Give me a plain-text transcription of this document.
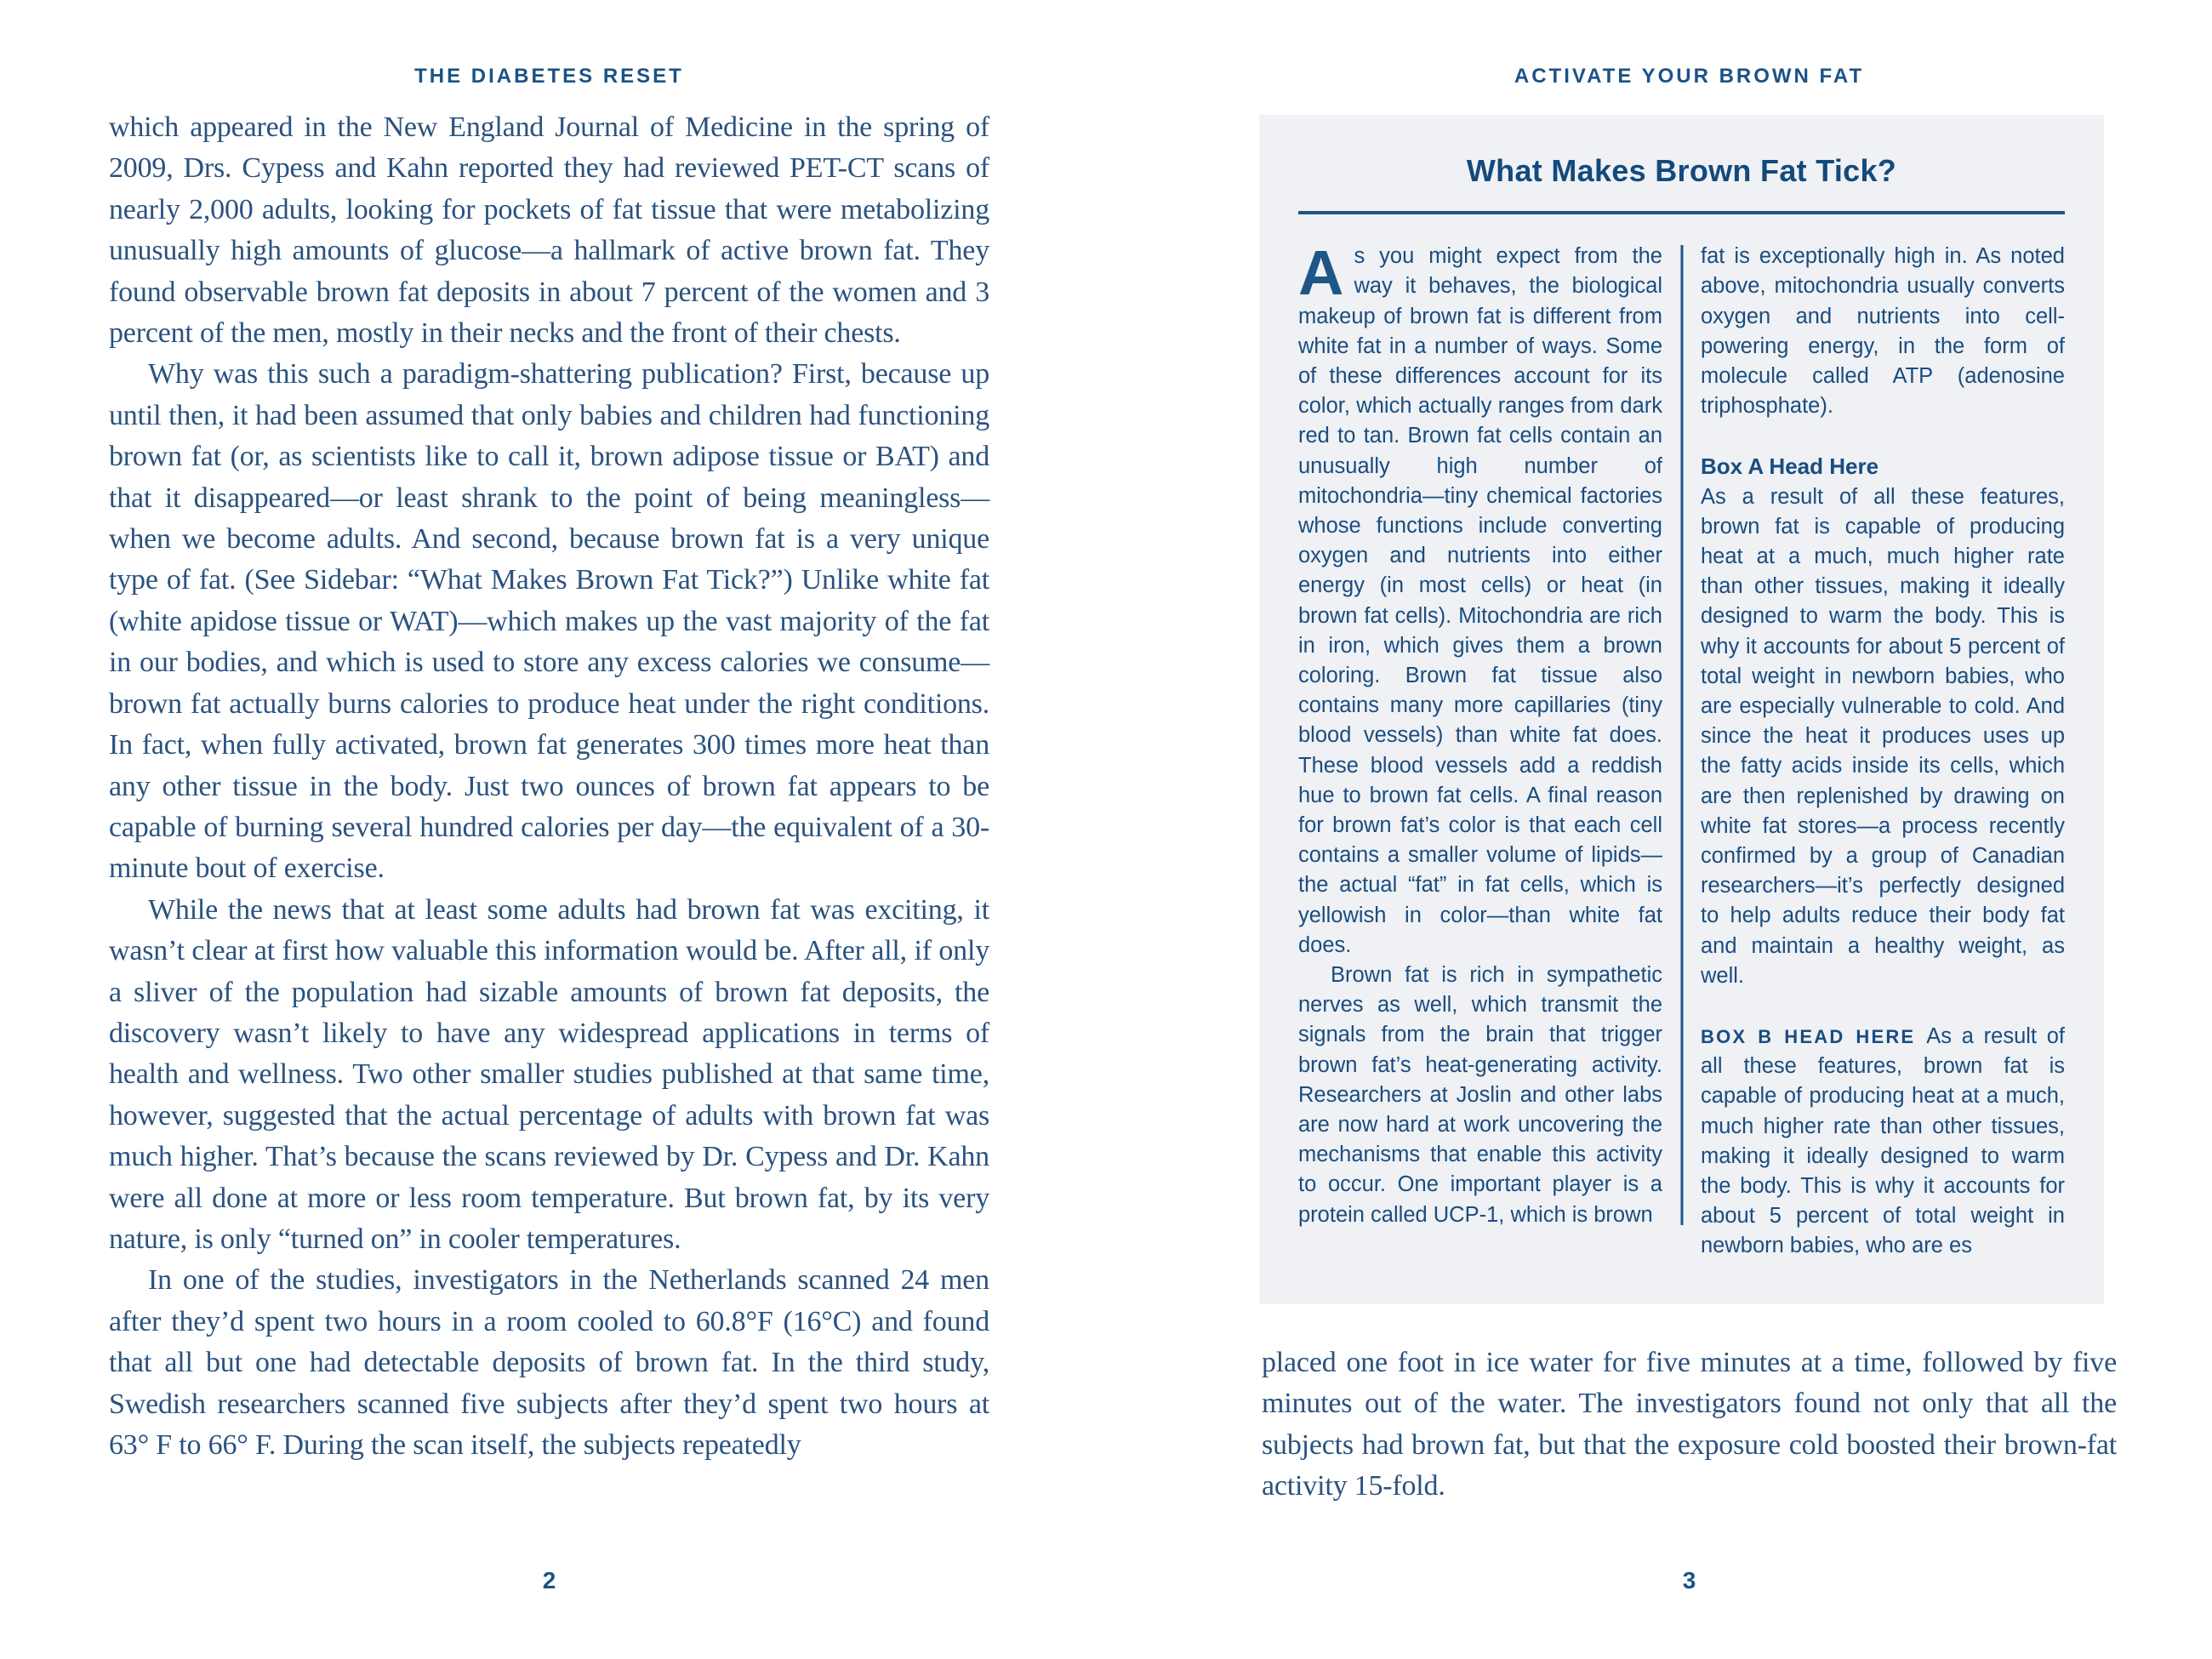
THE DIABETES RESET	ACTIVATE YOUR BROWN FAT

which appeared in the New England Journal of Medicine in the spring of 2009, Drs. Cypess and Kahn reported they had reviewed PET-CT scans of nearly 2,000 adults, looking for pockets of fat tissue that were metabolizing unusually high amounts of glucose—a hallmark of active brown fat. They found observable brown fat deposits in about 7 percent of the women and 3 percent of the men, mostly in their necks and the front of their chests.

Why was this such a paradigm-shattering publication? First, because up until then, it had been assumed that only babies and children had functioning brown fat (or, as scientists like to call it, brown adipose tissue or BAT) and that it disappeared—or least shrank to the point of being meaningless—when we become adults. And second, because brown fat is a very unique type of fat. (See Sidebar: “What Makes Brown Fat Tick?”) Unlike white fat (white apidose tissue or WAT)—which makes up the vast majority of the fat in our bodies, and which is used to store any excess calories we consume—brown fat actually burns calories to produce heat under the right conditions. In fact, when fully activated, brown fat generates 300 times more heat than any other tissue in the body. Just two ounces of brown fat appears to be capable of burning several hundred calories per day—the equivalent of a 30-minute bout of exercise.

While the news that at least some adults had brown fat was exciting, it wasn’t clear at first how valuable this information would be. After all, if only a sliver of the population had sizable amounts of brown fat deposits, the discovery wasn’t likely to have any widespread applications in terms of health and wellness. Two other smaller studies published at that same time, however, suggested that the actual percentage of adults with brown fat was much higher. That’s because the scans reviewed by Dr. Cypess and Dr. Kahn were all done at more or less room temperature. But brown fat, by its very nature, is only “turned on” in cooler temperatures.

In one of the studies, investigators in the Netherlands scanned 24 men after they’d spent two hours in a room cooled to 60.8°F (16°C) and found that all but one had detectable deposits of brown fat. In the third study, Swedish researchers scanned five subjects after they’d spent two hours at 63° F to 66° F. During the scan itself, the subjects repeatedly

What Makes Brown Fat Tick?

As you might expect from the way it behaves, the biological makeup of brown fat is different from white fat in a number of ways. Some of these differences account for its color, which actually ranges from dark red to tan. Brown fat cells contain an unusually high number of mitochondria—tiny chemical factories whose functions include converting oxygen and nutrients into either energy (in most cells) or heat (in brown fat cells). Mitochondria are rich in iron, which gives them a brown coloring. Brown fat tissue also contains many more capillaries (tiny blood vessels) than white fat does. These blood vessels add a reddish hue to brown fat cells. A final reason for brown fat’s color is that each cell contains a smaller volume of lipids—the actual “fat” in fat cells, which is yellowish in color—than white fat does.

Brown fat is rich in sympathetic nerves as well, which transmit the signals from the brain that trigger brown fat’s heat-generating activity. Researchers at Joslin and other labs are now hard at work uncovering the mechanisms that enable this activity to occur. One important player is a protein called UCP-1, which is brown

fat is exceptionally high in. As noted above, mitochondria usually converts oxygen and nutrients into cell-powering energy, in the form of molecule called ATP (adenosine triphosphate).

Box A Head Here

As a result of all these features, brown fat is capable of producing heat at a much, much higher rate than other tissues, making it ideally designed to warm the body. This is why it accounts for about 5 percent of total weight in newborn babies, who are especially vulnerable to cold. And since the heat it produces uses up the fatty acids inside its cells, which are then replenished by drawing on white fat stores—a process recently confirmed by a group of Canadian researchers—it’s perfectly designed to help adults reduce their body fat and maintain a healthy weight, as well.

BOX B HEAD HERE As a result of all these features, brown fat is capable of producing heat at a much, much higher rate than other tissues, making it ideally designed to warm the body. This is why it accounts for about 5 percent of total weight in newborn babies, who are es

placed one foot in ice water for five minutes at a time, followed by five minutes out of the water. The investigators found not only that all the subjects had brown fat, but that the exposure cold boosted their brown-fat activity 15-fold.

2	3
